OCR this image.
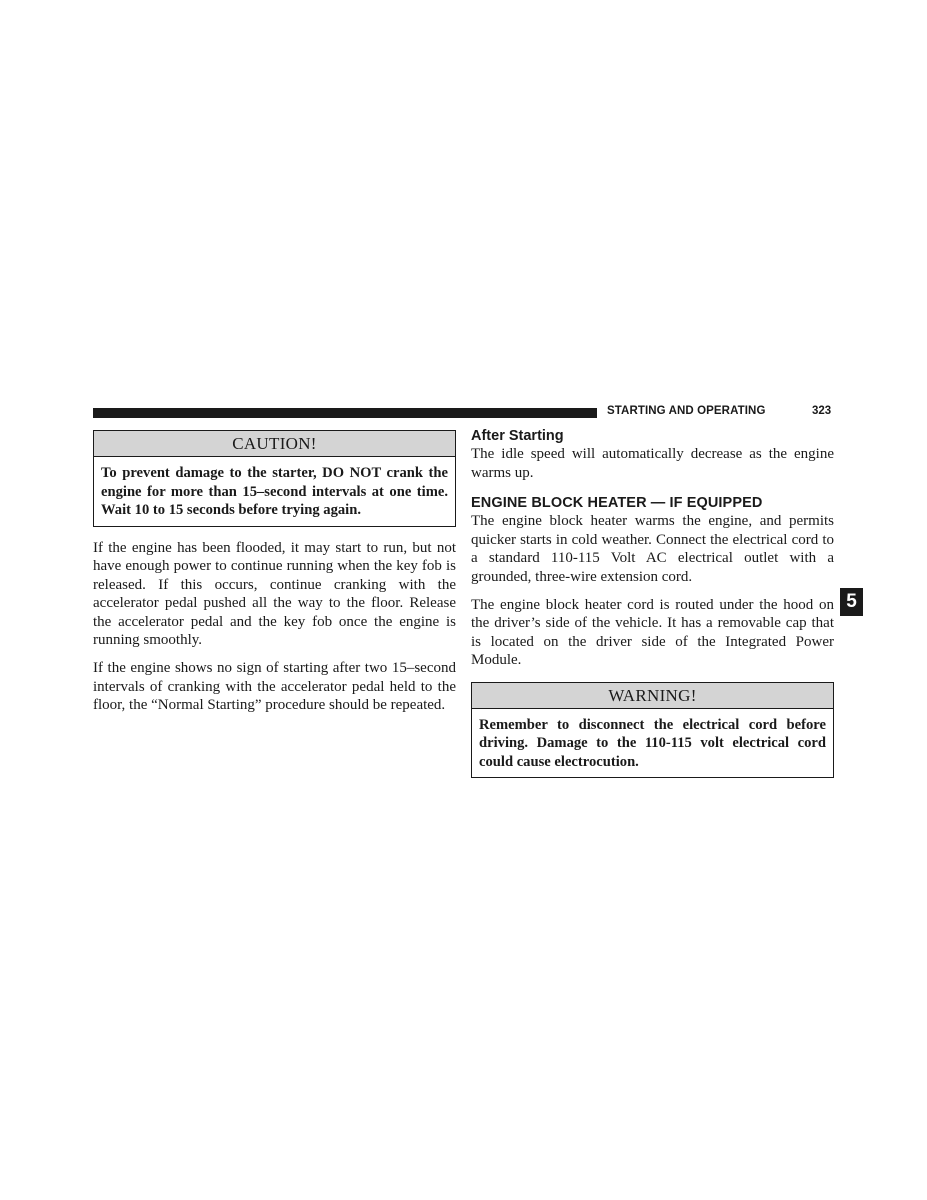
STARTING AND OPERATING	323
CAUTION!
To prevent damage to the starter, DO NOT crank the engine for more than 15–second intervals at one time. Wait 10 to 15 seconds before trying again.

If the engine has been flooded, it may start to run, but not have enough power to continue running when the key fob is released. If this occurs, continue cranking with the accelerator pedal pushed all the way to the floor. Release the accelerator pedal and the key fob once the engine is running smoothly.

If the engine shows no sign of starting after two 15–second intervals of cranking with the accelerator pedal held to the floor, the “Normal Starting” procedure should be repeated.

After Starting

The idle speed will automatically decrease as the engine warms up.

ENGINE BLOCK HEATER — IF EQUIPPED

The engine block heater warms the engine, and permits quicker starts in cold weather. Connect the electrical cord to a standard 110-115 Volt AC electrical outlet with a grounded, three-wire extension cord.

The engine block heater cord is routed under the hood on the driver’s side of the vehicle. It has a removable cap that is located on the driver side of the Integrated Power Module.

WARNING!
Remember to disconnect the electrical cord before driving. Damage to the 110-115 volt electrical cord could cause electrocution.
5
